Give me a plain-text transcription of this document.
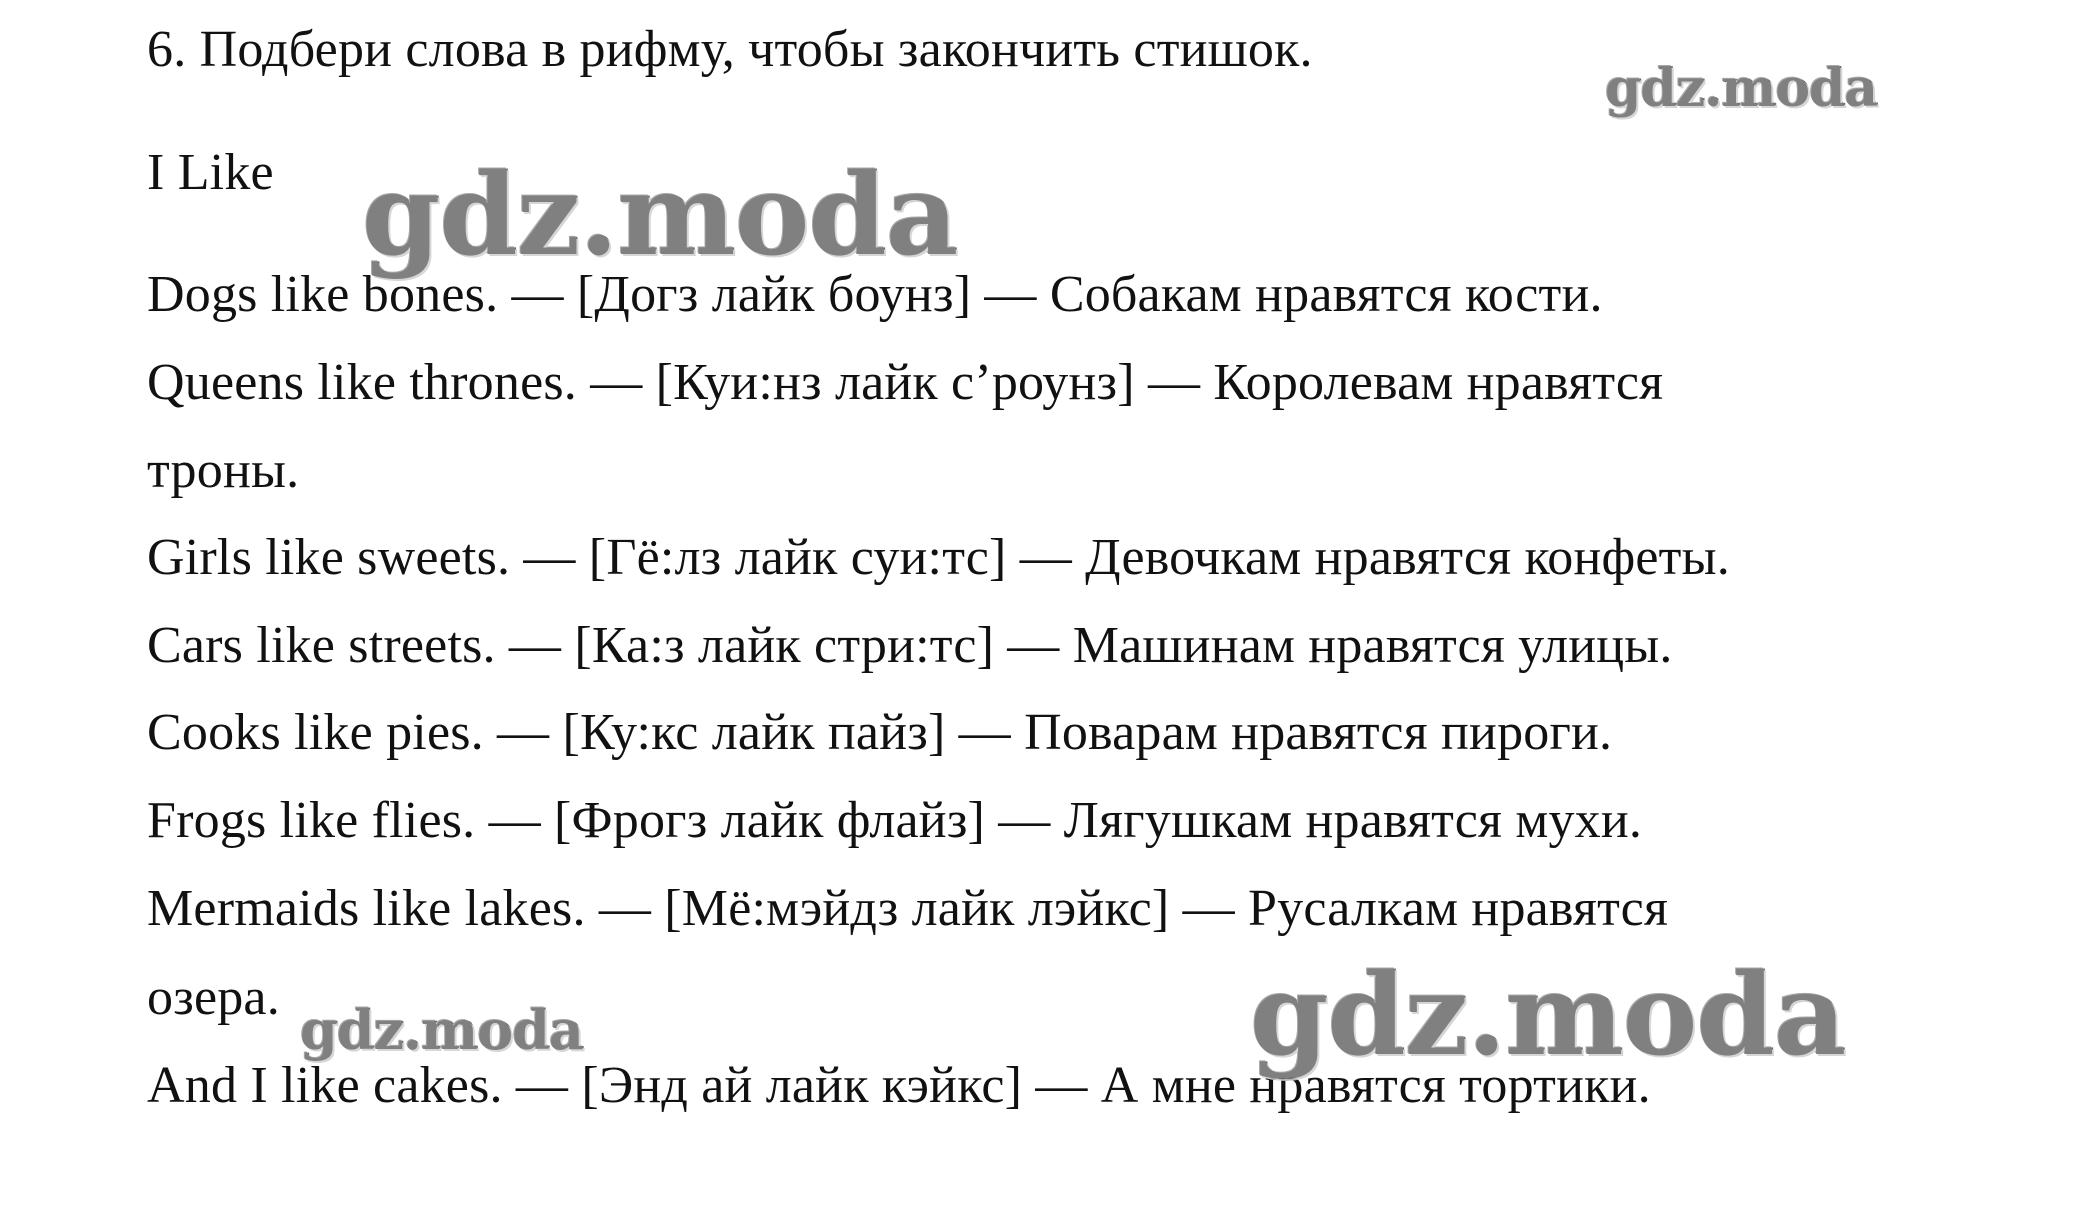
6. Подбери слова в рифму, чтобы закончить стишок.
I Like
Dogs like bones. — [Догз лайк боунз] — Собакам нравятся кости.
Queens like thrones. — [Куи:нз лайк с’роунз] — Королевам нравятся
троны.
Girls like sweets. — [Гё:лз лайк суи:тс] — Девочкам нравятся конфеты.
Cars like streets. — [Ка:з лайк стри:тс] — Машинам нравятся улицы.
Cooks like pies. — [Ку:кс лайк пайз] — Поварам нравятся пироги.
Frogs like flies. — [Фрогз лайк флайз] — Лягушкам нравятся мухи.
Mermaids like lakes. — [Мё:мэйдз лайк лэйкс] — Русалкам нравятся
озера.
And I like cakes. — [Энд ай лайк кэйкс] — А мне нравятся тортики.
gdz.moda
gdz.moda
gdz.moda	gdz.moda
